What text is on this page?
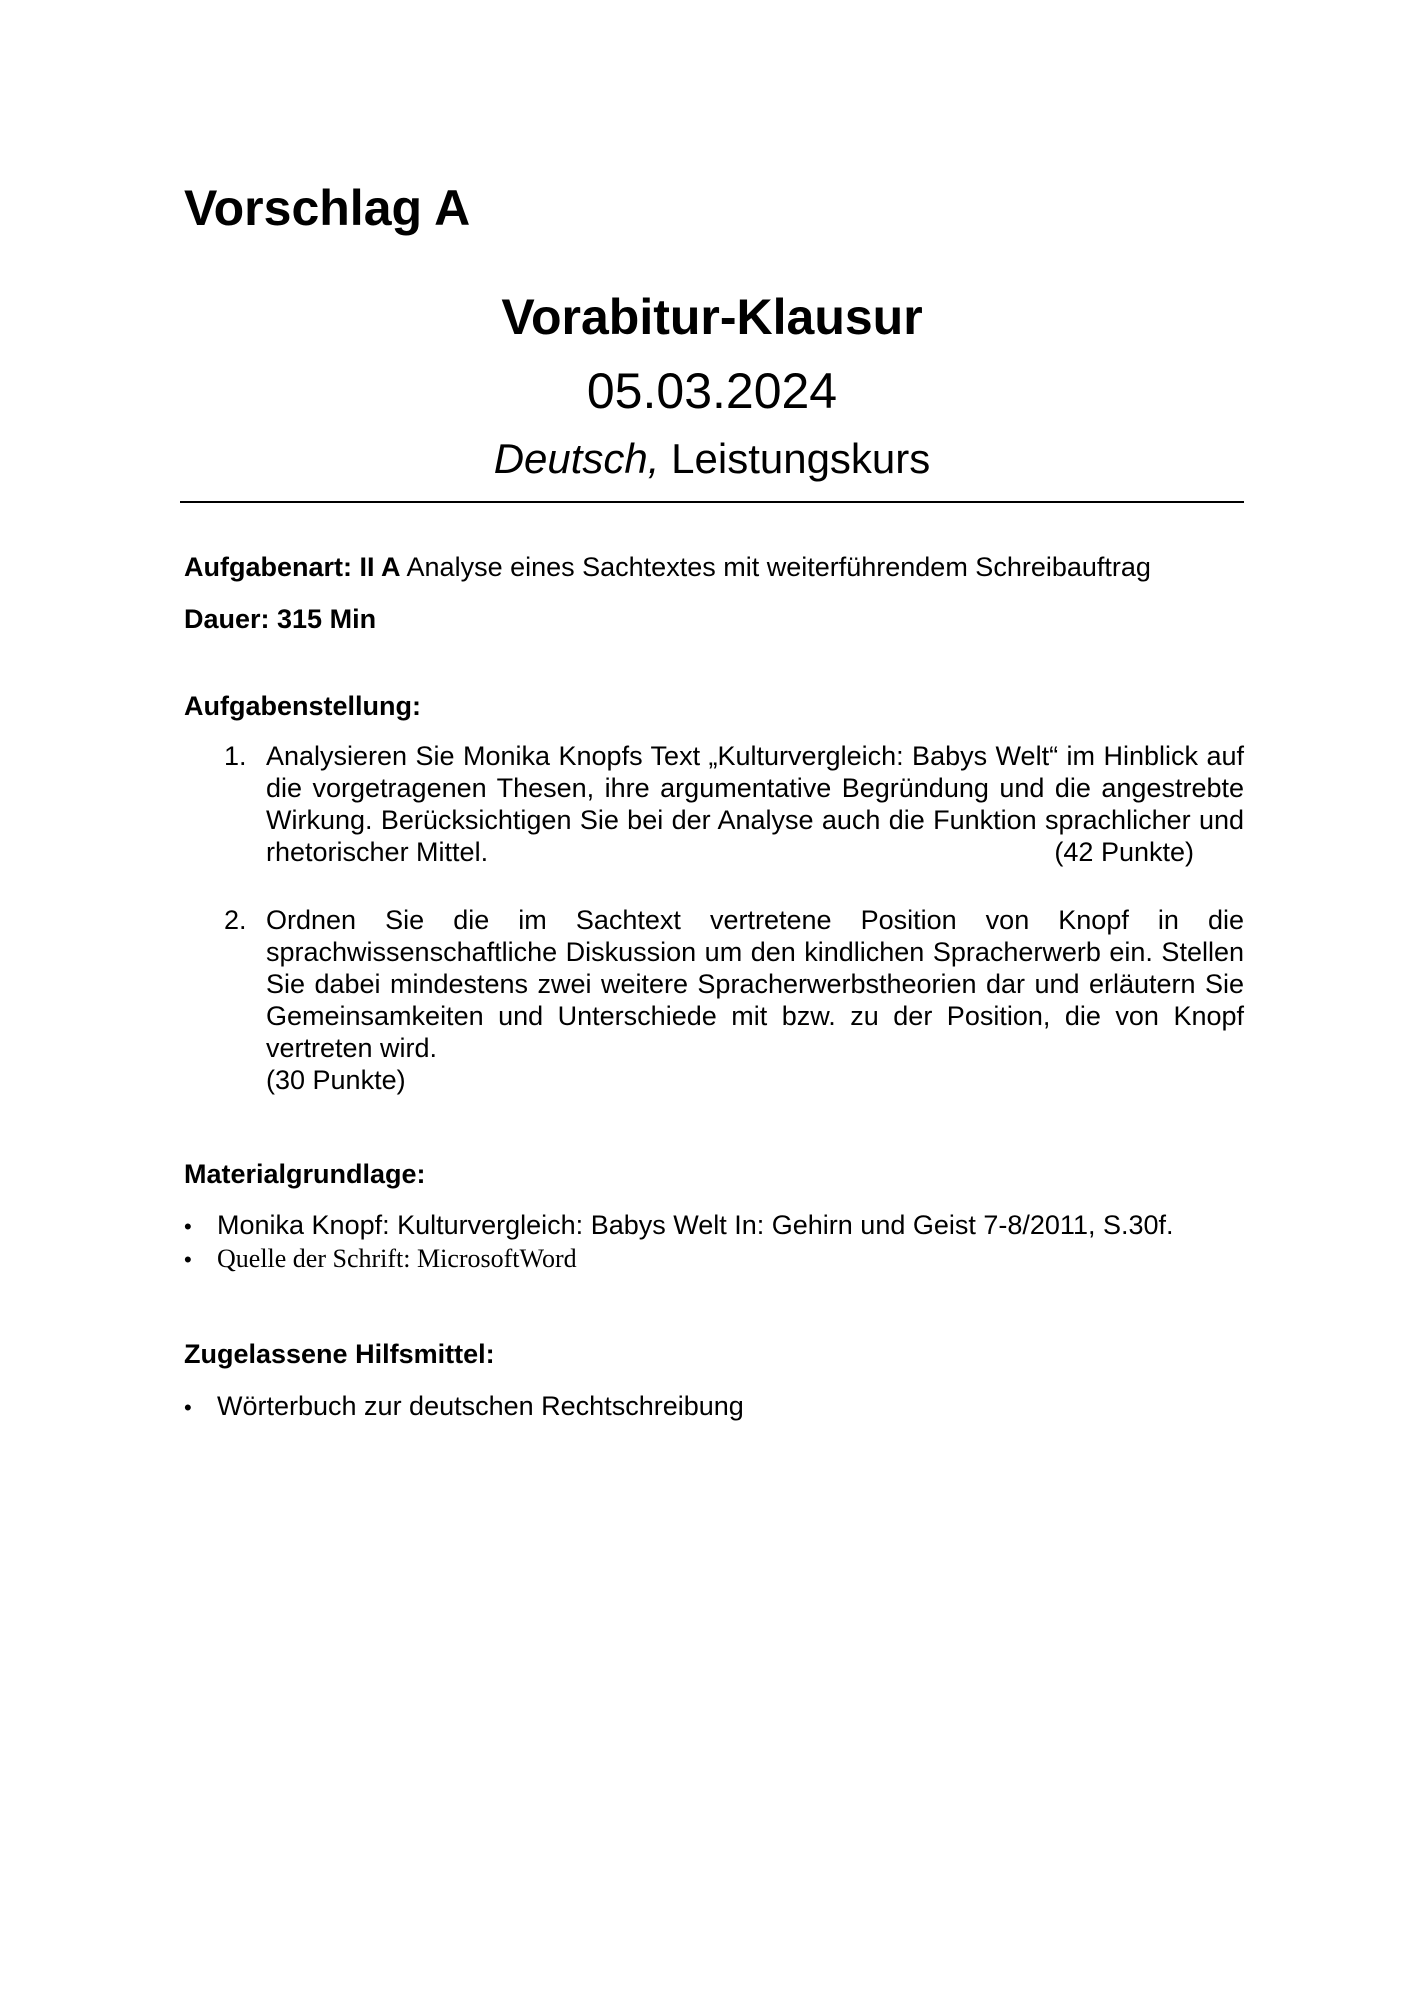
Vorschlag A
Vorabitur-Klausur
05.03.2024
Deutsch, Leistungskurs
Aufgabenart: II A Analyse eines Sachtextes mit weiterführendem Schreibauftrag
Dauer: 315 Min
Aufgabenstellung:
1. Analysieren Sie Monika Knopfs Text „Kulturvergleich: Babys Welt“ im Hinblick auf die vorgetragenen Thesen, ihre argumentative Begründung und die angestrebte Wirkung. Berücksichtigen Sie bei der Analyse auch die Funktion sprachlicher und rhetorischer Mittel.	(42 Punkte)
2. Ordnen Sie die im Sachtext vertretene Position von Knopf in die sprachwissenschaftliche Diskussion um den kindlichen Spracherwerb ein. Stellen Sie dabei mindestens zwei weitere Spracherwerbstheorien dar und erläutern Sie Gemeinsamkeiten und Unterschiede mit bzw. zu der Position, die von Knopf vertreten wird.
(30 Punkte)
Materialgrundlage:
• Monika Knopf: Kulturvergleich: Babys Welt In: Gehirn und Geist 7-8/2011, S.30f.
• Quelle der Schrift: MicrosoftWord
Zugelassene Hilfsmittel:
• Wörterbuch zur deutschen Rechtschreibung
